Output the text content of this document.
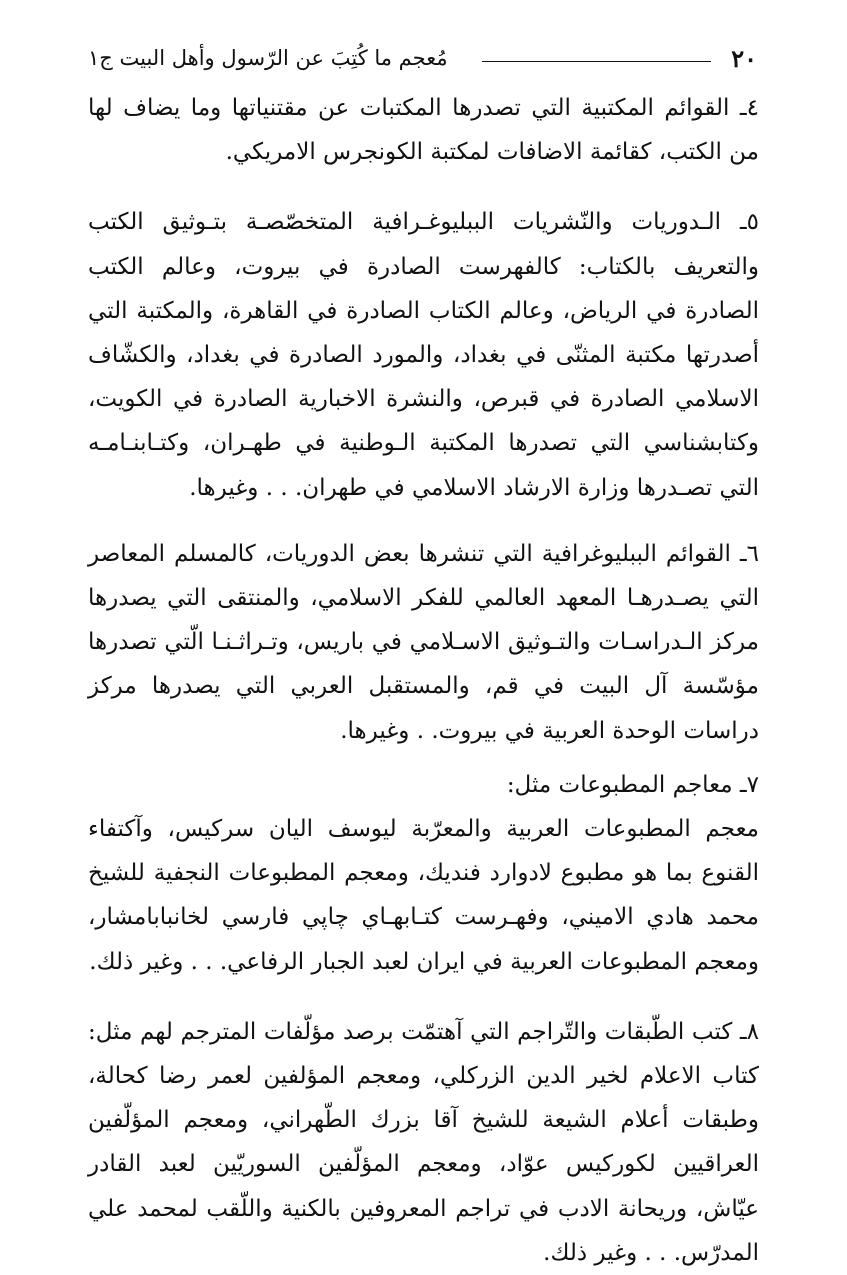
٢٠
مُعجم ما كُتِبَ عن الرّسول وأهل البيت ج١

٤ـ القوائم المكتبية التي تصدرها المكتبات عن مقتنياتها وما يضاف لها من الكتب، كقائمة الاضافات لمكتبة الكونجرس الامريكي.

٥ـ الـدوريات والنّشريات الببليوغـرافية المتخصّصـة بتـوثيق الكتب والتعريف بالكتاب: كالفهرست الصادرة في بيروت، وعالم الكتب الصادرة في الرياض، وعالم الكتاب الصادرة في القاهرة، والمكتبة التي أصدرتها مكتبة المثنّى في بغداد، والمورد الصادرة في بغداد، والكشّاف الاسلامي الصادرة في قبرص، والنشرة الاخبارية الصادرة في الكويت، وكتابشناسي التي تصدرها المكتبة الـوطنية في طهـران، وكتـابنـامـه التي تصـدرها وزارة الارشاد الاسلامي في طهران. . . وغيرها.

٦ـ القوائم الببليوغرافية التي تنشرها بعض الدوريات، كالمسلم المعاصر التي يصـدرهـا المعهد العالمي للفكر الاسلامي، والمنتقى التي يصدرها مركز الـدراسـات والتـوثيق الاسـلامي في باريس، وتـراثـنـا الّتي تصدرها مؤسّسة آل البيت في قم، والمستقبل العربي التي يصدرها مركز دراسات الوحدة العربية في بيروت. . وغيرها.

٧ـ معاجم المطبوعات مثل:

معجم المطبوعات العربية والمعرّبة ليوسف اليان سركيس، وآكتفاء القنوع بما هو مطبوع لادوارد فنديك، ومعجم المطبوعات النجفية للشيخ محمد هادي الاميني، وفهـرست كتـابهـاي چاپي فارسي لخانبابامشار، ومعجم المطبوعات العربية في ايران لعبد الجبار الرفاعي. . . وغير ذلك.

٨ـ كتب الطّبقات والتّراجم التي آهتمّت برصد مؤلّفات المترجم لهم مثل: كتاب الاعلام لخير الدين الزركلي، ومعجم المؤلفين لعمر رضا كحالة، وطبقات أعلام الشيعة للشيخ آقا بزرك الطّهراني، ومعجم المؤلّفين العراقيين لكوركيس عوّاد، ومعجم المؤلّفين السوريّين لعبد القادر عيّاش، وريحانة الادب في تراجم المعروفين بالكنية واللّقب لمحمد علي المدرّس. . . وغير ذلك.
